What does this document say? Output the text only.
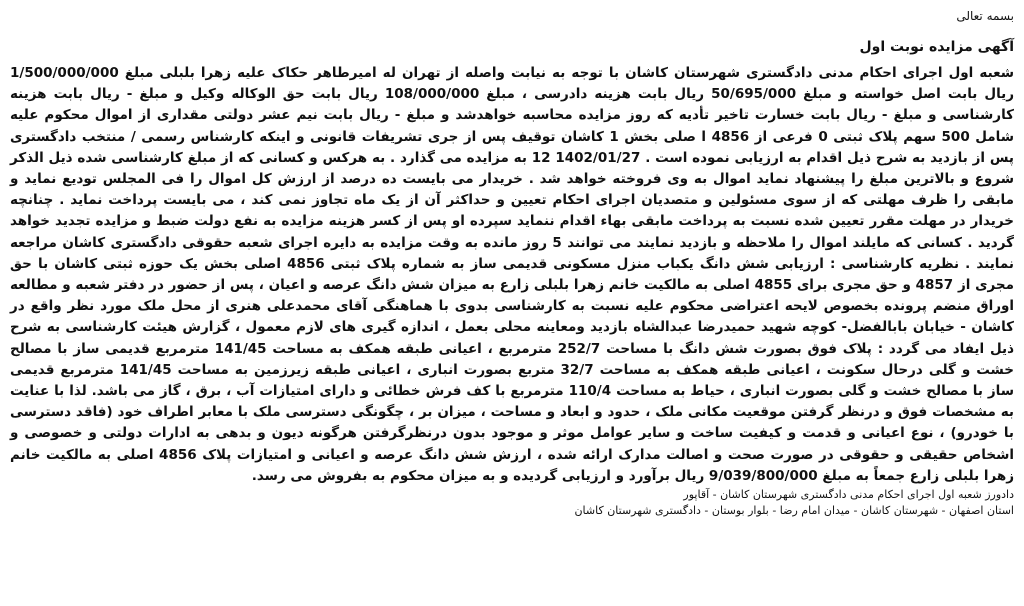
بسمه تعالی
آگهی مزایده نوبت اول
شعبه اول اجرای احکام مدنی دادگستری شهرستان کاشان با توجه به نیابت واصله از تهران له امیرطاهر حکاک علیه زهرا بلبلی مبلغ 1/500/000/000 ریال بابت اصل خواسته و مبلغ 50/695/000 ریال بابت هزینه دادرسی ، مبلغ 108/000/000 ریال بابت حق الوکاله وکیل و مبلغ - ریال بابت هزینه کارشناسی و مبلغ - ریال بابت خسارت تاخیر تأدیه که روز مزایده محاسبه خواهدشد و مبلغ - ریال بابت نیم عشر دولتی مقداری از اموال محکوم علیه شامل 500 سهم پلاک ثبتی 0 فرعی از 4856 ا صلی بخش 1 کاشان توقیف پس از جری تشریفات قانونی و اینکه کارشناس رسمی / منتخب دادگستری پس از بازدید به شرح ذیل اقدام به ارزیابی نموده است . 1402/01/27 12 به مزایده می گذارد . به هرکس و کسانی که از مبلغ کارشناسی شده ذیل الذکر شروع و بالاترین مبلغ را پیشنهاد نماید اموال به وی فروخته خواهد شد . خریدار می بایست ده درصد از ارزش کل اموال را فی المجلس تودیع نماید و مابقی را ظرف مهلتی که از سوی مسئولین و متصدیان اجرای احکام تعیین و حداکثر آن از یک ماه تجاوز نمی کند ، می بایست پرداخت نماید . چنانچه خریدار در مهلت مقرر تعیین شده نسبت به پرداخت مابقی بهاء اقدام ننماید سپرده او پس از کسر هزینه مزایده به نفع دولت ضبط و مزایده تجدید خواهد گردید . کسانی که مایلند اموال را ملاحظه و بازدید نمایند می توانند 5 روز مانده به وقت مزایده به دایره اجرای شعبه حقوقی دادگستری کاشان مراجعه نمایند . نظریه کارشناسی : ارزیابی شش دانگ یکباب منزل مسکونی قدیمی ساز به شماره پلاک ثبتی 4856 اصلی بخش یک حوزه ثبتی کاشان با حق مجری از 4857 و حق مجری برای 4855 اصلی به مالکیت خانم زهرا بلبلی زارع به میزان شش دانگ عرصه و اعیان ، پس از حضور در دفتر شعبه و مطالعه اوراق منضم پرونده بخصوص لایحه اعتراضی محکوم علیه نسبت به کارشناسی بدوی با هماهنگی آقای محمدعلی هنری از محل ملک مورد نظر واقع در کاشان - خیابان بابالفضل- کوچه شهید حمیدرضا عبدالشاه بازدید ومعاینه محلی بعمل ، اندازه گیری های لازم معمول ، گزارش هیئت کارشناسی به شرح ذیل ایفاد می گردد : پلاک فوق بصورت شش دانگ با مساحت 252/7 مترمربع ، اعیانی طبقه همکف به مساحت 141/45 مترمربع قدیمی ساز با مصالح خشت و گلی درحال سکونت ، اعیانی طبقه همکف به مساحت 32/7 متربع بصورت انباری ، اعیانی طبقه زیرزمین به مساحت 141/45 مترمربع قدیمی ساز با مصالح خشت و گلی بصورت انباری ، حیاط به مساحت 110/4 مترمربع با کف فرش خطائی و دارای امتیازات آب ، برق ، گاز می باشد. لذا با عنایت به مشخصات فوق و درنظر گرفتن موقعیت مکانی ملک ، حدود و ابعاد و مساحت ، میزان بر ، چگونگی دسترسی ملک با معابر اطراف خود (فاقد دسترسی با خودرو) ، نوع اعیانی و قدمت و کیفیت ساخت و سایر عوامل موثر و موجود بدون درنظرگرفتن هرگونه دیون و بدهی به ادارات دولتی و خصوصی و اشخاص حقیقی و حقوقی در صورت صحت و اصالت مدارک ارائه شده ، ارزش شش دانگ عرصه و اعیانی و امتیازات پلاک 4856 اصلی به مالکیت خانم زهرا بلبلی زارع جمعاً به مبلغ 9/039/800/000 ریال برآورد و ارزیابی گردیده و به میزان محکوم به بفروش می رسد.
دادورز شعبه اول اجرای احکام مدنی دادگستری شهرستان کاشان - آقاپور
استان اصفهان - شهرستان کاشان - میدان امام رضا - بلوار بوستان - دادگستری شهرستان کاشان
